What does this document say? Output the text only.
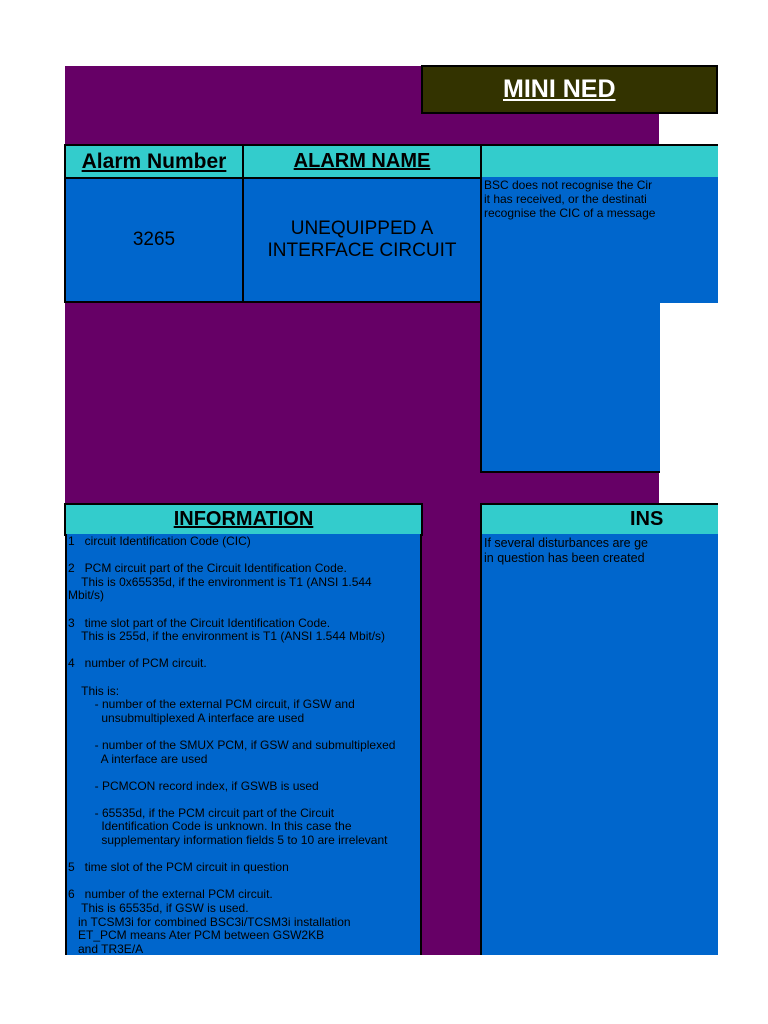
MINI NED
Alarm Number	ALARM NAME
3265
UNEQUIPPED A INTERFACE CIRCUIT
BSC does not recognise the Cir
it has received, or the destinati
recognise the CIC of a message
INFORMATION	INS
1   circuit Identification Code (CIC)
2   PCM circuit part of the Circuit Identification Code.
This is 0x65535d, if the environment is T1 (ANSI 1.544
Mbit/s)
3   time slot part of the Circuit Identification Code.
This is 255d, if the environment is T1 (ANSI 1.544 Mbit/s)
4   number of PCM circuit.
This is:
- number of the external PCM circuit, if GSW and
unsubmultiplexed A interface are used
- number of the SMUX PCM, if GSW and submultiplexed
A interface are used
- PCMCON record index, if GSWB is used
- 65535d, if the PCM circuit part of the Circuit
Identification Code is unknown. In this case the
supplementary information fields 5 to 10 are irrelevant
5   time slot of the PCM circuit in question
6   number of the external PCM circuit.
This is 65535d, if GSW is used.
in TCSM3i for combined BSC3i/TCSM3i installation
ET_PCM means Ater PCM between GSW2KB
and TR3E/A
If several disturbances are ge
in question has been created
